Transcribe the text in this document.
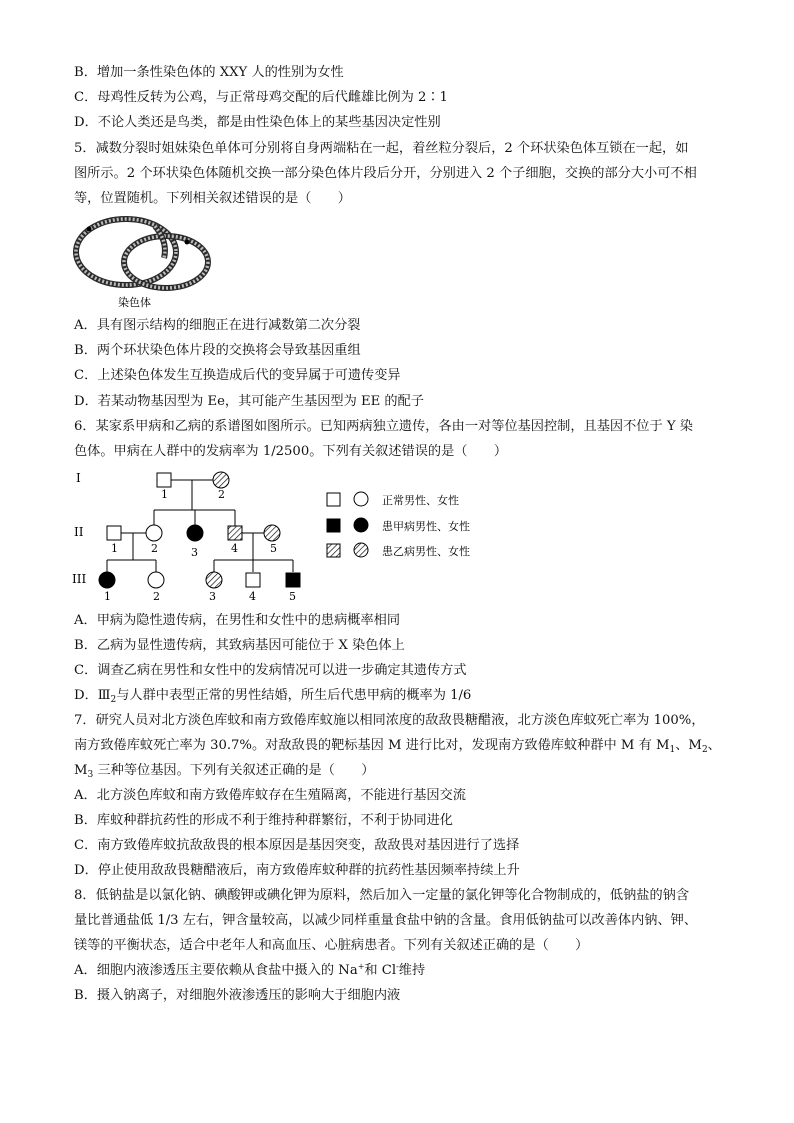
B．增加一条性染色体的 XXY 人的性别为女性
C．母鸡性反转为公鸡，与正常母鸡交配的后代雌雄比例为 2∶1
D．不论人类还是鸟类，都是由性染色体上的某些基因决定性别
5．减数分裂时姐妹染色单体可分别将自身两端粘在一起，着丝粒分裂后，2 个环状染色体互锁在一起，如
图所示。2 个环状染色体随机交换一部分染色体片段后分开，分别进入 2 个子细胞，交换的部分大小可不相
等，位置随机。下列相关叙述错误的是（　　）
染色体
A．具有图示结构的细胞正在进行减数第二次分裂
B．两个环状染色体片段的交换将会导致基因重组
C．上述染色体发生互换造成后代的变异属于可遗传变异
D．若某动物基因型为 Ee，其可能产生基因型为 EE 的配子
6．某家系甲病和乙病的系谱图如图所示。已知两病独立遗传，各由一对等位基因控制，且基因不位于 Y 染
色体。甲病在人群中的发病率为 1/2500。下列有关叙述错误的是（　　）
I
II
III
1	2
1	2	3	4	5
1	2	3	4	5
正常男性、女性
患甲病男性、女性
患乙病男性、女性
A．甲病为隐性遗传病，在男性和女性中的患病概率相同
B．乙病为显性遗传病，其致病基因可能位于 X 染色体上
C．调查乙病在男性和女性中的发病情况可以进一步确定其遗传方式
D．$Ⅲ_2$与人群中表型正常的男性结婚，所生后代患甲病的概率为 1/6
7．研究人员对北方淡色库蚊和南方致倦库蚊施以相同浓度的敌敌畏糖醋液，北方淡色库蚊死亡率为 100%，
南方致倦库蚊死亡率为 30.7%。对敌敌畏的靶标基因 M 进行比对，发现南方致倦库蚊种群中 M 有 $M_1$、$M_2$、
$M_3$ 三种等位基因。下列有关叙述正确的是（　　）
A．北方淡色库蚊和南方致倦库蚊存在生殖隔离，不能进行基因交流
B．库蚊种群抗药性的形成不利于维持种群繁衍，不利于协同进化
C．南方致倦库蚊抗敌敌畏的根本原因是基因突变，敌敌畏对基因进行了选择
D．停止使用敌敌畏糖醋液后，南方致倦库蚊种群的抗药性基因频率持续上升
8．低钠盐是以氯化钠、碘酸钾或碘化钾为原料，然后加入一定量的氯化钾等化合物制成的，低钠盐的钠含
量比普通盐低 1/3 左右，钾含量较高，以减少同样重量食盐中钠的含量。食用低钠盐可以改善体内钠、钾、
镁等的平衡状态，适合中老年人和高血压、心脏病患者。下列有关叙述正确的是（　　）
A．细胞内液渗透压主要依赖从食盐中摄入的 Na+和 Cl-维持
B．摄入钠离子，对细胞外液渗透压的影响大于细胞内液
